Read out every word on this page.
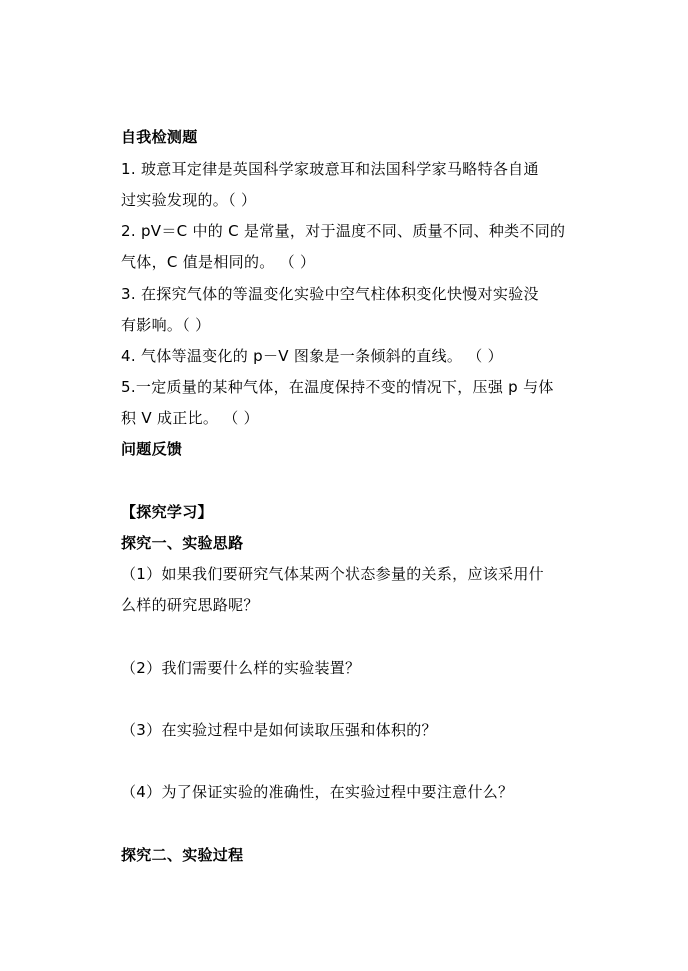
自我检测题

1. 玻意耳定律是英国科学家玻意耳和法国科学家马略特各自通

过实验发现的。（ ）

2. pV＝C 中的 C 是常量，对于温度不同、质量不同、种类不同的

气体，C 值是相同的。 （ ）

3. 在探究气体的等温变化实验中空气柱体积变化快慢对实验没

有影响。（ ）

4. 气体等温变化的 p－V 图象是一条倾斜的直线。 （ ）

5.一定质量的某种气体，在温度保持不变的情况下，压强 p 与体

积 V 成正比。 （ ）

问题反馈

【探究学习】

探究一、实验思路

（1）如果我们要研究气体某两个状态参量的关系，应该采用什

么样的研究思路呢？

（2）我们需要什么样的实验装置？

（3）在实验过程中是如何读取压强和体积的？

（4）为了保证实验的准确性，在实验过程中要注意什么？

探究二、实验过程
